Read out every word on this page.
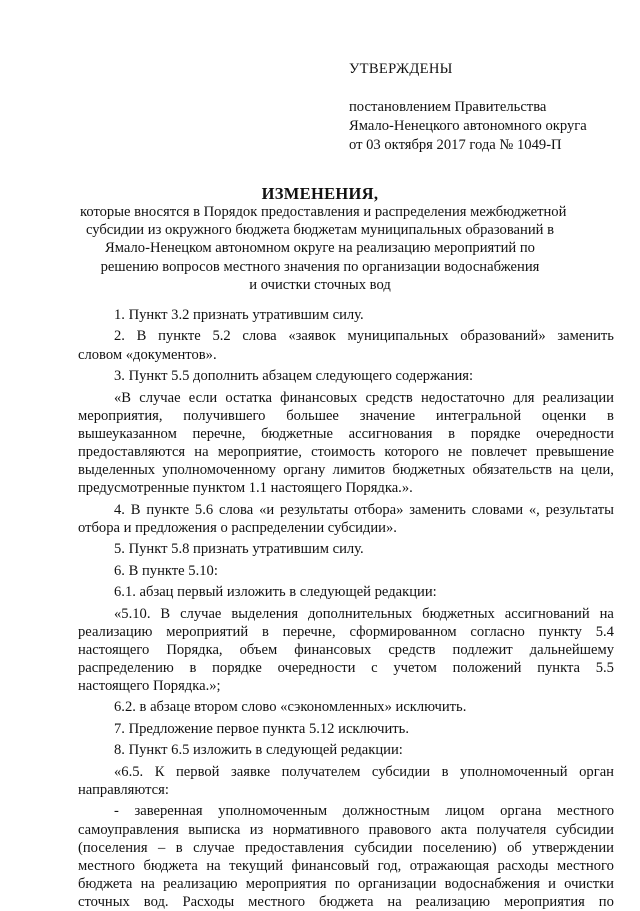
УТВЕРЖДЕНЫ
постановлением Правительства
Ямало-Ненецкого автономного округа
от 03 октября 2017 года № 1049-П
ИЗМЕНЕНИЯ,
которые вносятся в Порядок предоставления и распределения межбюджетной
субсидии из окружного бюджета бюджетам муниципальных образований в
Ямало-Ненецком автономном округе на реализацию мероприятий по
решению вопросов местного значения по организации водоснабжения
и очистки сточных вод
1. Пункт 3.2 признать утратившим силу.
2. В пункте 5.2 слова «заявок муниципальных образований» заменить
словом «документов».
3. Пункт 5.5 дополнить абзацем следующего содержания:
«В случае если остатка финансовых средств недостаточно для реализации
мероприятия, получившего большее значение интегральной оценки в
вышеуказанном перечне, бюджетные ассигнования в порядке очередности
предоставляются на мероприятие, стоимость которого не повлечет превышение
выделенных уполномоченному органу лимитов бюджетных обязательств на цели,
предусмотренные пунктом 1.1 настоящего Порядка.».
4. В пункте 5.6 слова «и результаты отбора» заменить словами «, результаты
отбора и предложения о распределении субсидии».
5. Пункт 5.8 признать утратившим силу.
6. В пункте 5.10:
6.1. абзац первый изложить в следующей редакции:
«5.10. В случае выделения дополнительных бюджетных ассигнований на
реализацию мероприятий в перечне, сформированном согласно пункту 5.4
настоящего Порядка, объем финансовых средств подлежит дальнейшему
распределению в порядке очередности с учетом положений пункта 5.5
настоящего Порядка.»;
6.2. в абзаце втором слово «сэкономленных» исключить.
7. Предложение первое пункта 5.12 исключить.
8. Пункт 6.5 изложить в следующей редакции:
«6.5. К первой заявке получателем субсидии в уполномоченный орган
направляются:
- заверенная уполномоченным должностным лицом органа местного
самоуправления выписка из нормативного правового акта получателя субсидии
(поселения – в случае предоставления субсидии поселению) об утверждении
местного бюджета на текущий финансовый год, отражающая расходы местного
бюджета на реализацию мероприятия по организации водоснабжения и очистки
сточных вод. Расходы местного бюджета на реализацию мероприятия по
